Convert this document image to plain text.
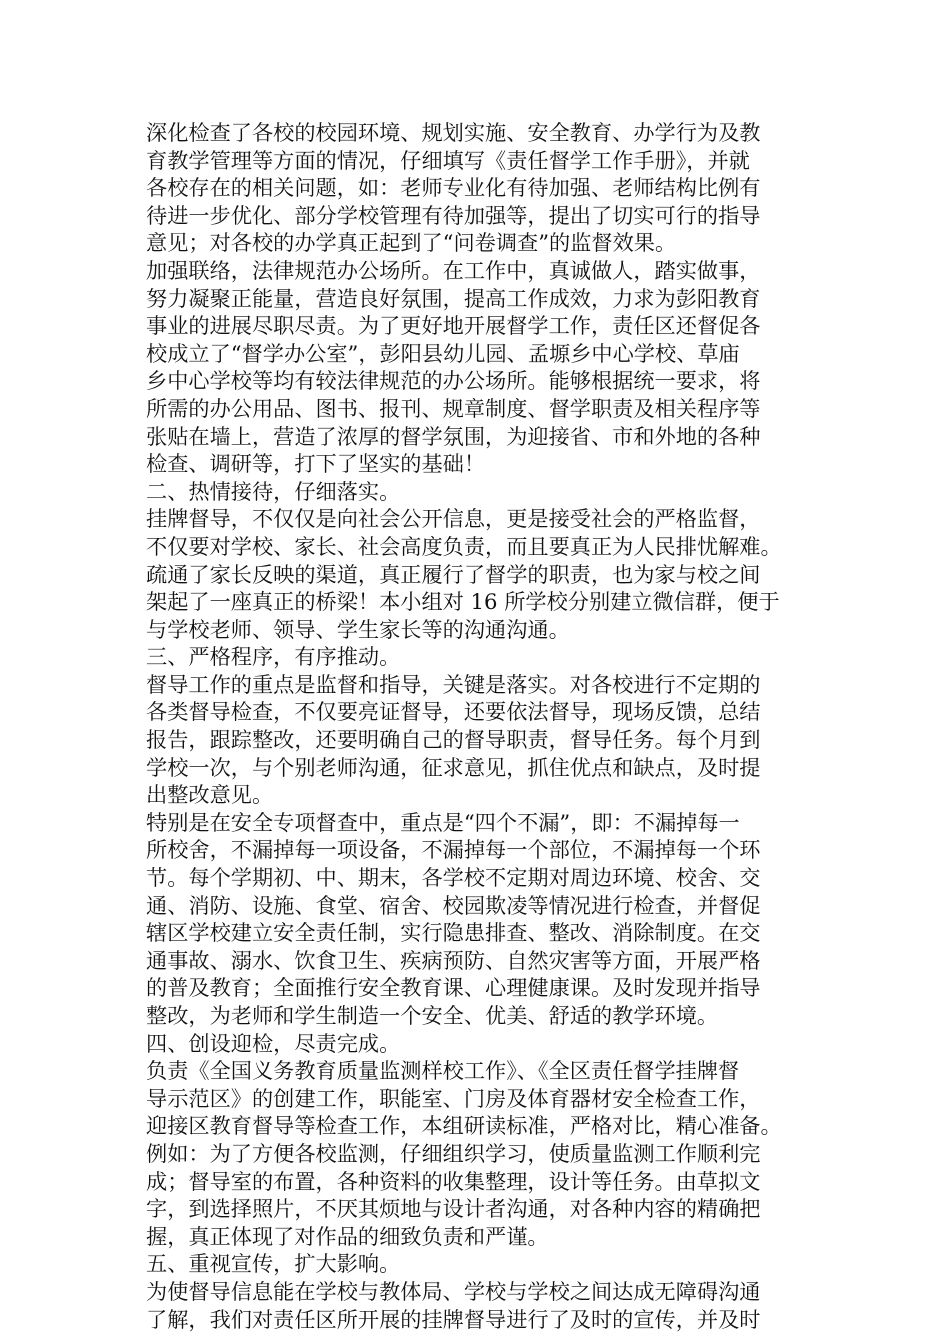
深化检查了各校的校园环境、规划实施、安全教育、办学行为及教
育教学管理等方面的情况，仔细填写《责任督学工作手册》，并就
各校存在的相关问题，如：老师专业化有待加强、老师结构比例有
待进一步优化、部分学校管理有待加强等，提出了切实可行的指导
意见；对各校的办学真正起到了“问卷调查”的监督效果。
加强联络，法律规范办公场所。在工作中，真诚做人，踏实做事，
努力凝聚正能量，营造良好氛围，提高工作成效，力求为彭阳教育
事业的进展尽职尽责。为了更好地开展督学工作，责任区还督促各
校成立了“督学办公室”，彭阳县幼儿园、孟塬乡中心学校、草庙
乡中心学校等均有较法律规范的办公场所。能够根据统一要求，将
所需的办公用品、图书、报刊、规章制度、督学职责及相关程序等
张贴在墙上，营造了浓厚的督学氛围，为迎接省、市和外地的各种
检查、调研等，打下了坚实的基础！
二、热情接待，仔细落实。
挂牌督导，不仅仅是向社会公开信息，更是接受社会的严格监督，
不仅要对学校、家长、社会高度负责，而且要真正为人民排忧解难。
疏通了家长反映的渠道，真正履行了督学的职责，也为家与校之间
架起了一座真正的桥梁！本小组对 16 所学校分别建立微信群，便于
与学校老师、领导、学生家长等的沟通沟通。
三、严格程序，有序推动。
督导工作的重点是监督和指导，关键是落实。对各校进行不定期的
各类督导检查，不仅要亮证督导，还要依法督导，现场反馈，总结
报告，跟踪整改，还要明确自己的督导职责，督导任务。每个月到
学校一次，与个别老师沟通，征求意见，抓住优点和缺点，及时提
出整改意见。
特别是在安全专项督查中，重点是“四个不漏”，即：不漏掉每一
所校舍，不漏掉每一项设备，不漏掉每一个部位，不漏掉每一个环
节。每个学期初、中、期末，各学校不定期对周边环境、校舍、交
通、消防、设施、食堂、宿舍、校园欺凌等情况进行检查，并督促
辖区学校建立安全责任制，实行隐患排查、整改、消除制度。在交
通事故、溺水、饮食卫生、疾病预防、自然灾害等方面，开展严格
的普及教育；全面推行安全教育课、心理健康课。及时发现并指导
整改，为老师和学生制造一个安全、优美、舒适的教学环境。
四、创设迎检，尽责完成。
负责《全国义务教育质量监测样校工作》、《全区责任督学挂牌督
导示范区》的创建工作，职能室、门房及体育器材安全检查工作，
迎接区教育督导等检查工作，本组研读标准，严格对比，精心准备。
例如：为了方便各校监测，仔细组织学习，使质量监测工作顺利完
成；督导室的布置，各种资料的收集整理，设计等任务。由草拟文
字，到选择照片，不厌其烦地与设计者沟通，对各种内容的精确把
握，真正体现了对作品的细致负责和严谨。
五、重视宣传，扩大影响。
为使督导信息能在学校与教体局、学校与学校之间达成无障碍沟通
了解，我们对责任区所开展的挂牌督导进行了及时的宣传，并及时
